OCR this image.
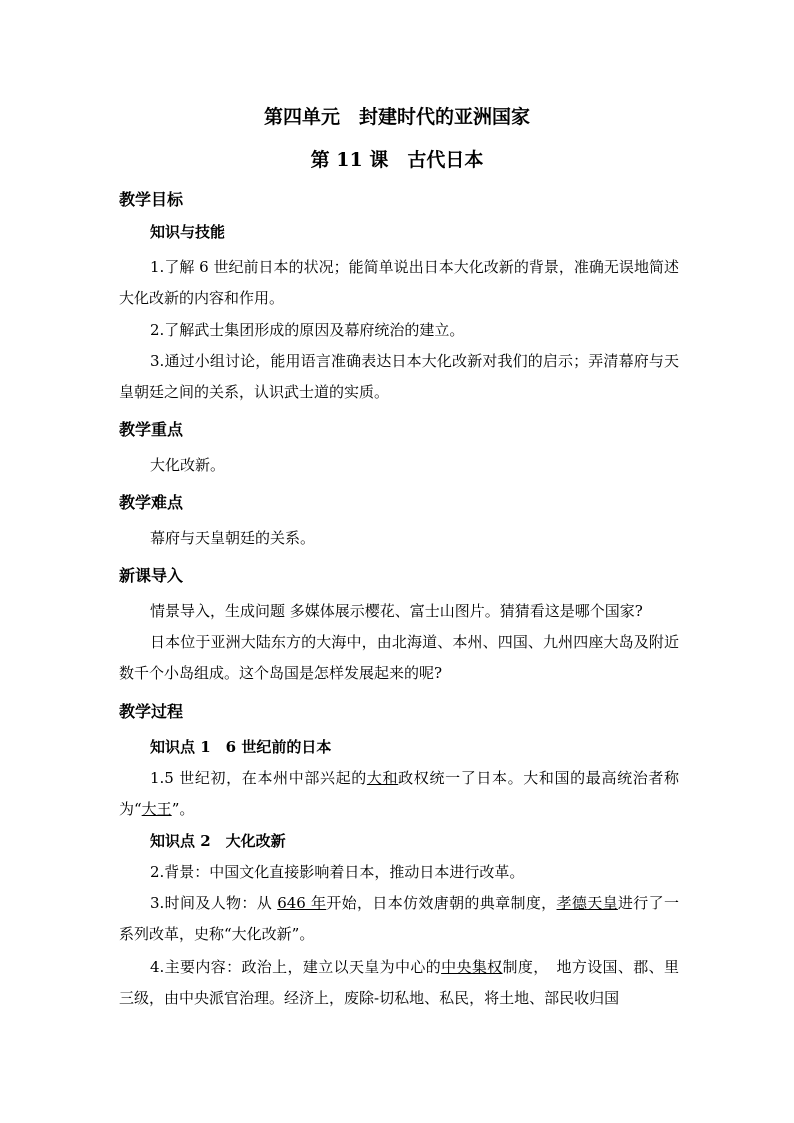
第四单元　封建时代的亚洲国家
第 11 课　古代日本
教学目标
知识与技能
1.了解 6 世纪前日本的状况；能简单说出日本大化改新的背景，准确无误地简述大化改新的内容和作用。
2.了解武士集团形成的原因及幕府统治的建立。
3.通过小组讨论，能用语言准确表达日本大化改新对我们的启示；弄清幕府与天皇朝廷之间的关系，认识武士道的实质。
教学重点
大化改新。
教学难点
幕府与天皇朝廷的关系。
新课导入
情景导入，生成问题 多媒体展示樱花、富士山图片。猜猜看这是哪个国家?
日本位于亚洲大陆东方的大海中，由北海道、本州、四国、九州四座大岛及附近数千个小岛组成。这个岛国是怎样发展起来的呢?
教学过程
知识点 1　6 世纪前的日本
1.5 世纪初，在本州中部兴起的大和政权统一了日本。大和国的最高统治者称为“大王”。
知识点 2　大化改新
2.背景：中国文化直接影响着日本，推动日本进行改革。
3.时间及人物：从 646 年开始，日本仿效唐朝的典章制度，孝德天皇进行了一系列改革，史称“大化改新”。
4.主要内容：政治上，建立以天皇为中心的中央集权制度，　地方设国、郡、里三级，由中央派官治理。经济上，废除-切私地、私民，将土地、部民收归国
